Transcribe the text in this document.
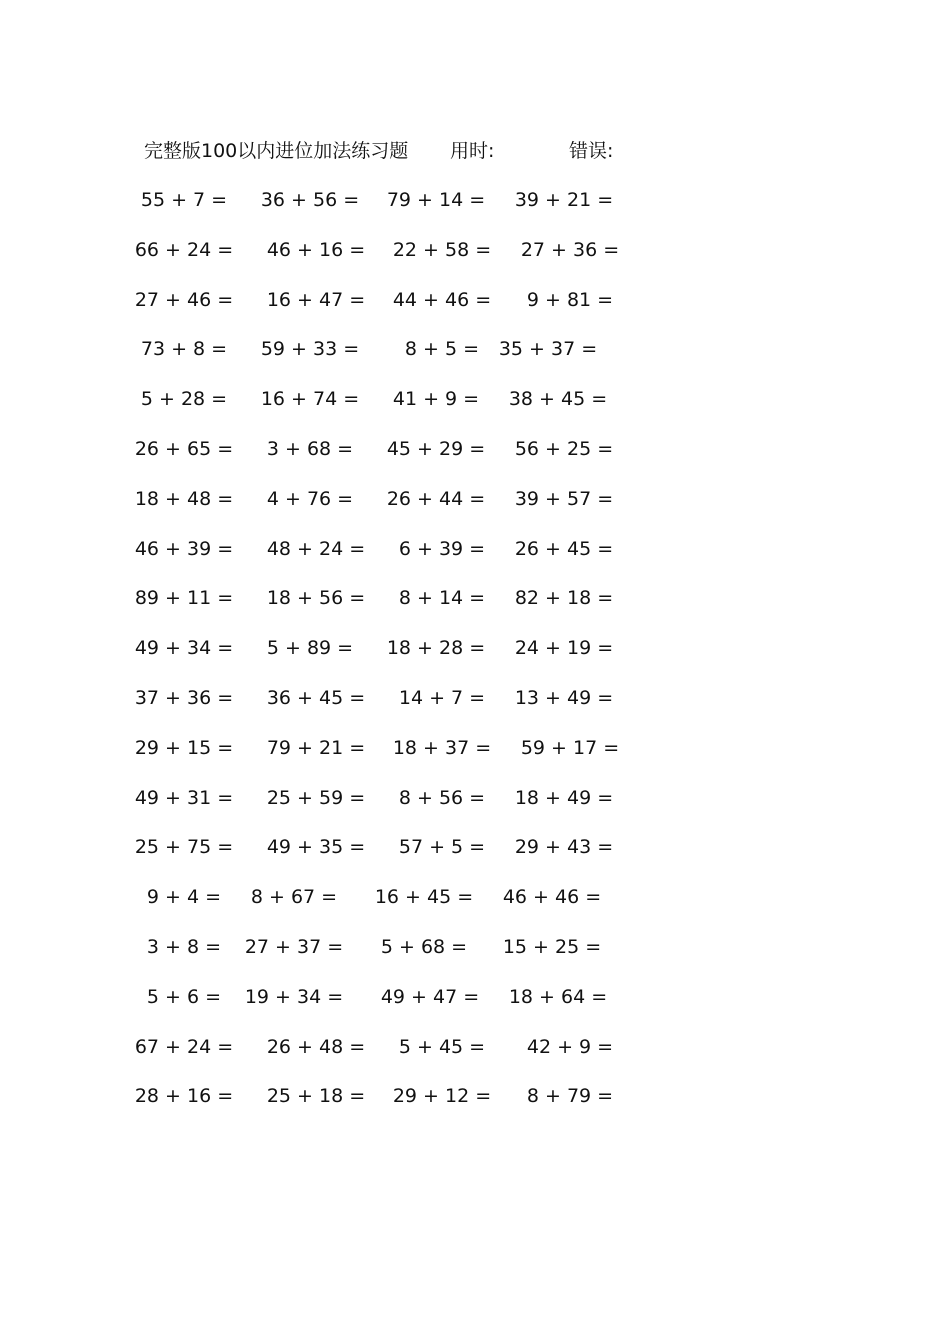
完整版100以内进位加法练习题 用时:	错误:
55 + 7 =	36 + 56 =	79 + 14 =	39 + 21 =
66 + 24 =	46 + 16 =	22 + 58 =	27 + 36 =
27 + 46 =	16 + 47 =	44 + 46 =	9 + 81 =
73 + 8 =	59 + 33 =	8 + 5 =	35 + 37 =
5 + 28 =	16 + 74 =	41 + 9 =	38 + 45 =
26 + 65 =	3 + 68 =	45 + 29 =	56 + 25 =
18 + 48 =	4 + 76 =	26 + 44 =	39 + 57 =
46 + 39 =	48 + 24 =	6 + 39 =	26 + 45 =
89 + 11 =	18 + 56 =	8 + 14 =	82 + 18 =
49 + 34 =	5 + 89 =	18 + 28 =	24 + 19 =
37 + 36 =	36 + 45 =	14 + 7 =	13 + 49 =
29 + 15 =	79 + 21 =	18 + 37 =	59 + 17 =
49 + 31 =	25 + 59 =	8 + 56 =	18 + 49 =
25 + 75 =	49 + 35 =	57 + 5 =	29 + 43 =
9 + 4 =	8 + 67 =	16 + 45 =	46 + 46 =
3 + 8 =	27 + 37 =	5 + 68 =	15 + 25 =
5 + 6 =	19 + 34 =	49 + 47 =	18 + 64 =
67 + 24 =	26 + 48 =	5 + 45 =	42 + 9 =
28 + 16 =	25 + 18 =	29 + 12 =	8 + 79 =
